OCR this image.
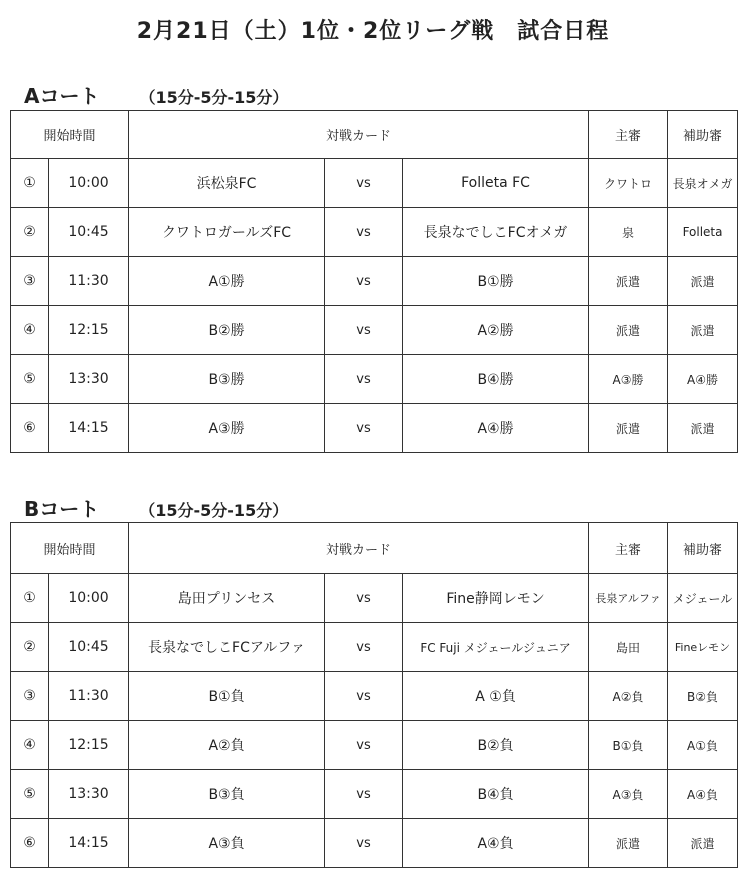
2月21日（土）1位・2位リーグ戦　試合日程
Aコート	（15分-5分-15分）
開始時間		対戦カード			主審	補助審
①	10:00	浜松泉FC	vs	Folleta FC	クワトロ	長泉オメガ
②	10:45	クワトロガールズFC	vs	長泉なでしこFCオメガ	泉	Folleta
③	11:30	A①勝	vs	B①勝	派遣	派遣
④	12:15	B②勝	vs	A②勝	派遣	派遣
⑤	13:30	B③勝	vs	B④勝	A③勝	A④勝
⑥	14:15	A③勝	vs	A④勝	派遣	派遣
Bコート	（15分-5分-15分）
開始時間		対戦カード			主審	補助審
①	10:00	島田プリンセス	vs	Fine静岡レモン	長泉アルファ	メジェール
②	10:45	長泉なでしこFCアルファ	vs	FC Fuji メジェールジュニア	島田	Fineレモン
③	11:30	B①負	vs	A ①負	A②負	B②負
④	12:15	A②負	vs	B②負	B①負	A①負
⑤	13:30	B③負	vs	B④負	A③負	A④負
⑥	14:15	A③負	vs	A④負	派遣	派遣
